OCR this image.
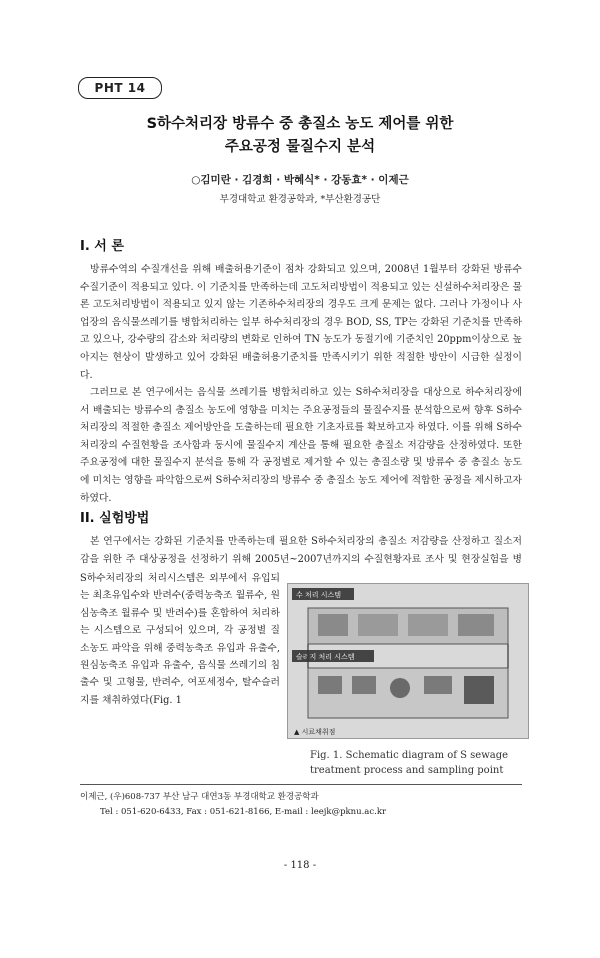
PHT 14
S하수처리장 방류수 중 총질소 농도 제어를 위한
주요공정 물질수지 분석
○김미란 · 김경희 · 박혜식* · 강동효* · 이제근
부경대학교 환경공학과, *부산환경공단
I. 서 론

방류수역의 수질개선을 위해 배출허용기준이 점차 강화되고 있으며, 2008년 1월부터 강화된 방류수 수질기준이 적용되고 있다. 이 기준치를 만족하는데 고도처리방법이 적용되고 있는 신설하수처리장은 물론 고도처리방법이 적용되고 있지 않는 기존하수처리장의 경우도 크게 문제는 없다. 그러나 가정이나 사업장의 음식물쓰레기를 병합처리하는 일부 하수처리장의 경우 BOD, SS, TP는 강화된 기준치를 만족하고 있으나, 강수량의 감소와 처리량의 변화로 인하여 TN 농도가 동절기에 기준치인 20ppm이상으로 높아지는 현상이 발생하고 있어 강화된 배출허용기준치를 만족시키기 위한 적절한 방안이 시급한 실정이다.

그러므로 본 연구에서는 음식물 쓰레기를 병합처리하고 있는 S하수처리장을 대상으로 하수처리장에서 배출되는 방류수의 총질소 농도에 영향을 미치는 주요공정들의 물질수지를 분석함으로써 향후 S하수처리장의 적절한 총질소 제어방안을 도출하는데 필요한 기초자료를 확보하고자 하였다. 이를 위해 S하수처리장의 수질현황을 조사함과 동시에 물질수지 계산을 통해 필요한 총질소 저감량을 산정하였다. 또한 주요공정에 대한 물질수지 분석을 통해 각 공정별로 제거할 수 있는 총질소량 및 방류수 중 총질소 농도에 미치는 영향을 파악함으로써 S하수처리장의 방류수 중 총질소 농도 제어에 적합한 공정을 제시하고자 하였다.

II. 실험방법

본 연구에서는 강화된 기준치를 만족하는데 필요한 S하수처리장의 총질소 저감량을 산정하고 질소저감을 위한 주 대상공정을 선정하기 위해 2005년~2007년까지의 수질현황자료 조사 및 현장실험을 병

S하수처리장의 처리시스템은 외부에서 유입되는 최초유입수와 반려수(중력농축조 월류수, 원심농축조 월류수 및 반려수)를 혼합하여 처리하는 시스템으로 구성되어 있으며, 각 공정별 질소농도 파악을 위해 중력농축조 유입과 유출수, 원심농축조 유입과 유출수, 음식물 쓰레기의 침출수 및 고형물, 반려수, 여포세정수, 탈수슬러지를 채취하였다(Fig. 1
수 처리 시스템
슬러지 처리 시스템
▲ 시료채취점
Fig. 1. Schematic diagram of S sewage treatment process and sampling point
이제근, (우)608-737 부산 남구 대연3동 부경대학교 환경공학과
Tel : 051-620-6433, Fax : 051-621-8166, E-mail : leejk@pknu.ac.kr
- 118 -
